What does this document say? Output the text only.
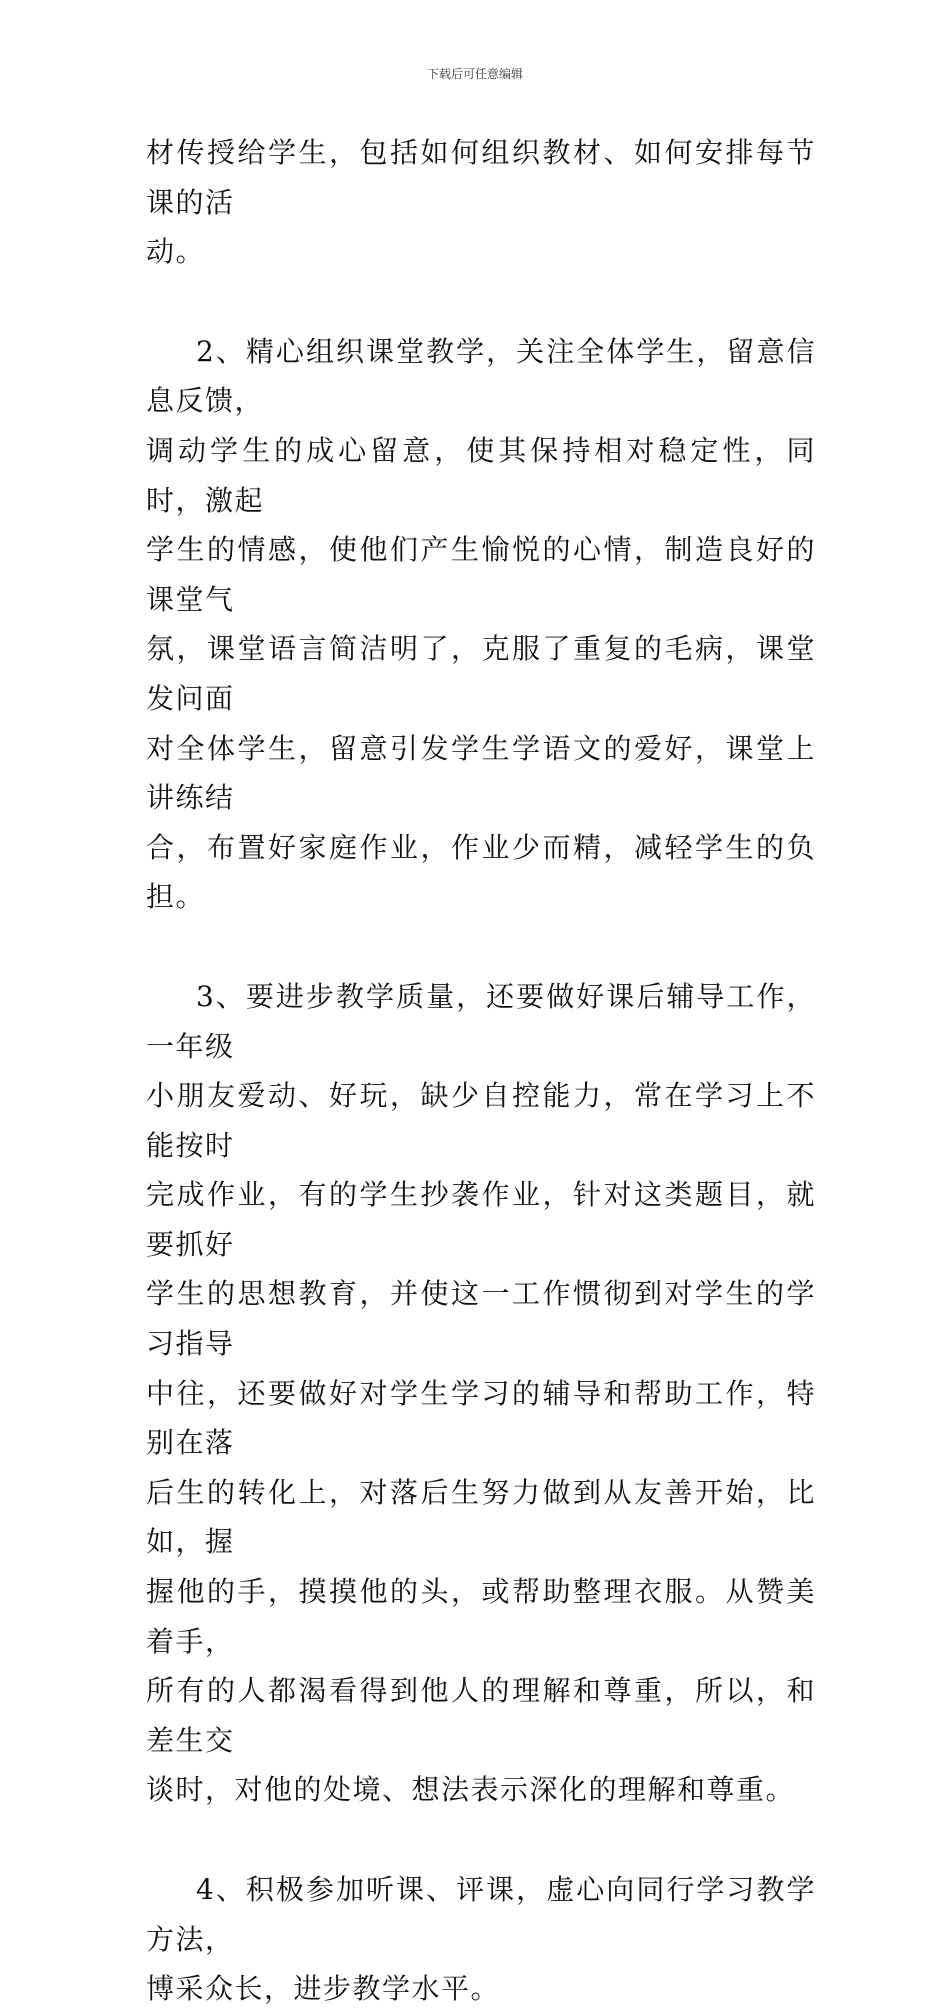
下载后可任意编辑

材传授给学生，包括如何组织教材、如何安排每节课的活
动。

2、精心组织课堂教学，关注全体学生，留意信息反馈，
调动学生的成心留意，使其保持相对稳定性，同时，激起
学生的情感，使他们产生愉悦的心情，制造良好的课堂气
氛，课堂语言简洁明了，克服了重复的毛病，课堂发问面
对全体学生，留意引发学生学语文的爱好，课堂上讲练结
合，布置好家庭作业，作业少而精，减轻学生的负担。

3、要进步教学质量，还要做好课后辅导工作，一年级
小朋友爱动、好玩，缺少自控能力，常在学习上不能按时
完成作业，有的学生抄袭作业，针对这类题目，就要抓好
学生的思想教育，并使这一工作惯彻到对学生的学习指导
中往，还要做好对学生学习的辅导和帮助工作，特别在落
后生的转化上，对落后生努力做到从友善开始，比如，握
握他的手，摸摸他的头，或帮助整理衣服。从赞美着手，
所有的人都渴看得到他人的理解和尊重，所以，和差生交
谈时，对他的处境、想法表示深化的理解和尊重。

4、积极参加听课、评课，虚心向同行学习教学方法，
博采众长，进步教学水平。
